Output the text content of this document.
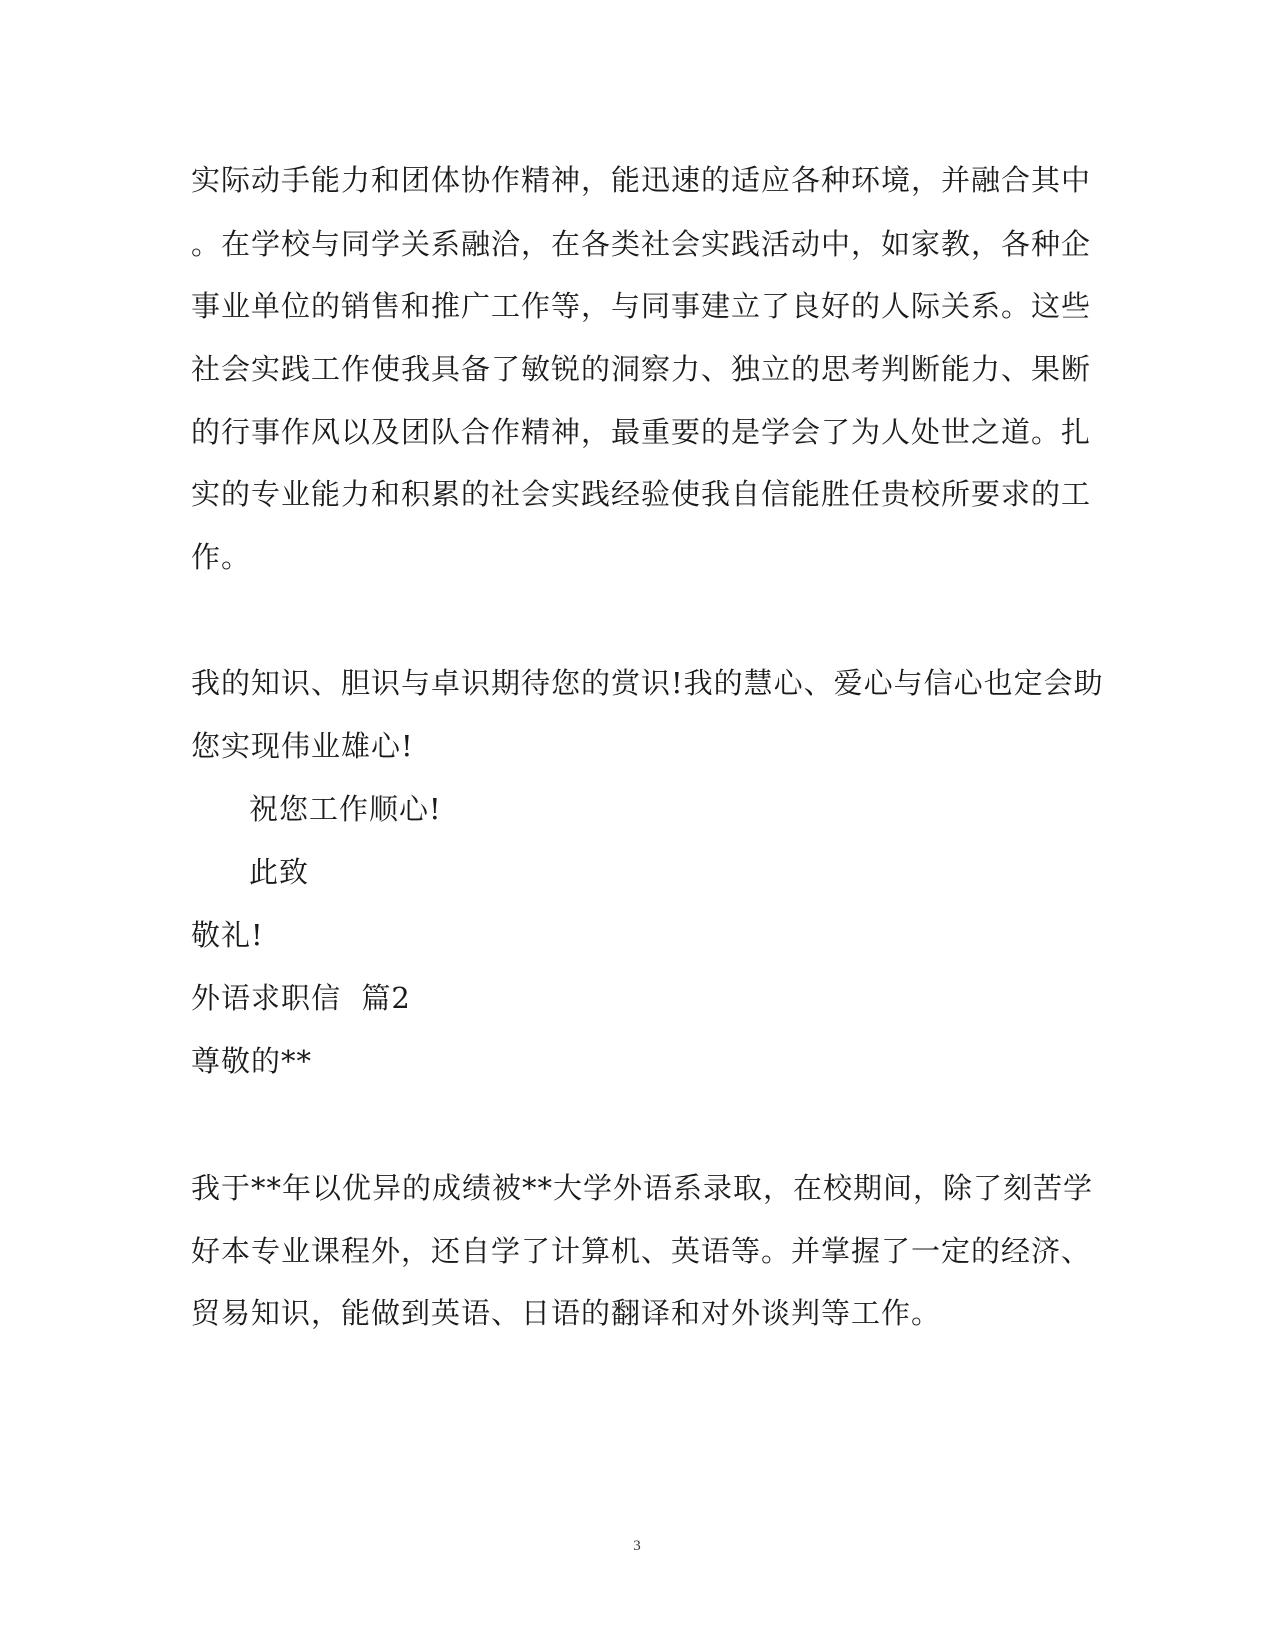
实际动手能力和团体协作精神，能迅速的适应各种环境，并融合其中
。在学校与同学关系融洽，在各类社会实践活动中，如家教，各种企
事业单位的销售和推广工作等，与同事建立了良好的人际关系。这些
社会实践工作使我具备了敏锐的洞察力、独立的思考判断能力、果断
的行事作风以及团队合作精神，最重要的是学会了为人处世之道。扎
实的专业能力和积累的社会实践经验使我自信能胜任贵校所要求的工
作。
我的知识、胆识与卓识期待您的赏识!我的慧心、爱心与信心也定会助
您实现伟业雄心!
祝您工作顺心!
此致
敬礼!
外语求职信  篇2
尊敬的**
我于**年以优异的成绩被**大学外语系录取，在校期间，除了刻苦学
好本专业课程外，还自学了计算机、英语等。并掌握了一定的经济、
贸易知识，能做到英语、日语的翻译和对外谈判等工作。
3
